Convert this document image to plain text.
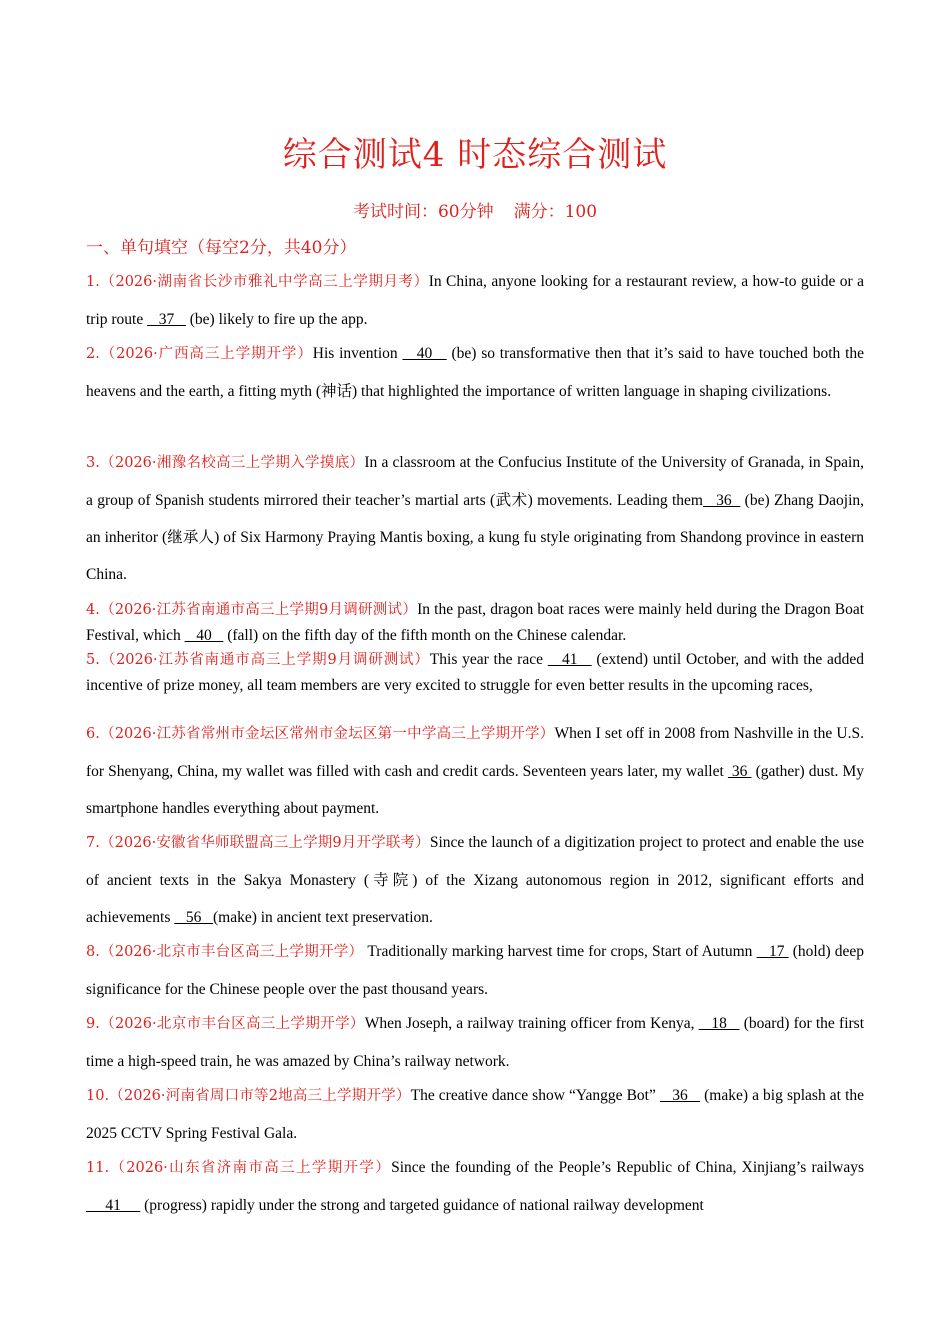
综合测试4 时态综合测试
考试时间：60分钟 满分：100
一、单句填空（每空2分，共40分）
1.（2026·湖南省长沙市雅礼中学高三上学期月考）In China, anyone looking for a restaurant review, a how-to guide or a trip route    37    (be) likely to fire up the app.
2.（2026·广西高三上学期开学）His invention    40    (be) so transformative then that it’s said to have touched both the heavens and the earth, a fitting myth (神话) that highlighted the importance of written language in shaping civilizations.
3.（2026·湘豫名校高三上学期入学摸底）In a classroom at the Confucius Institute of the University of Granada, in Spain, a group of Spanish students mirrored their teacher’s martial arts (武术) movements. Leading them   36   (be) Zhang Daojin, an inheritor (继承人) of Six Harmony Praying Mantis boxing, a kung fu style originating from Shandong province in eastern China.
4.（2026·江苏省南通市高三上学期9月调研测试）In the past, dragon boat races were mainly held during the Dragon Boat Festival, which    40    (fall) on the fifth day of the fifth month on the Chinese calendar.
5.（2026·江苏省南通市高三上学期9月调研测试）This year the race    41    (extend) until October, and with the added incentive of prize money, all team members are very excited to struggle for even better results in the upcoming races,
6.（2026·江苏省常州市金坛区常州市金坛区第一中学高三上学期开学）When I set off in 2008 from Nashville in the U.S. for Shenyang, China, my wallet was filled with cash and credit cards. Seventeen years later, my wallet  36  (gather) dust. My smartphone handles everything about payment.
7.（2026·安徽省华师联盟高三上学期9月开学联考）Since the launch of a digitization project to protect and enable the use of ancient texts in the Sakya Monastery (寺院) of the Xizang autonomous region in 2012, significant efforts and achievements    56   (make) in ancient text preservation.
8.（2026·北京市丰台区高三上学期开学） Traditionally marking harvest time for crops, Start of Autumn    17  (hold) deep significance for the Chinese people over the past thousand years.
9.（2026·北京市丰台区高三上学期开学）When Joseph, a railway training officer from Kenya,    18    (board) for the first time a high-speed train, he was amazed by China’s railway network.
10.（2026·河南省周口市等2地高三上学期开学）The creative dance show “Yangge Bot”    36    (make) a big splash at the 2025 CCTV Spring Festival Gala.
11.（2026·山东省济南市高三上学期开学）Since the founding of the People’s Republic of China, Xinjiang’s railways      41      (progress) rapidly under the strong and targeted guidance of national railway development
